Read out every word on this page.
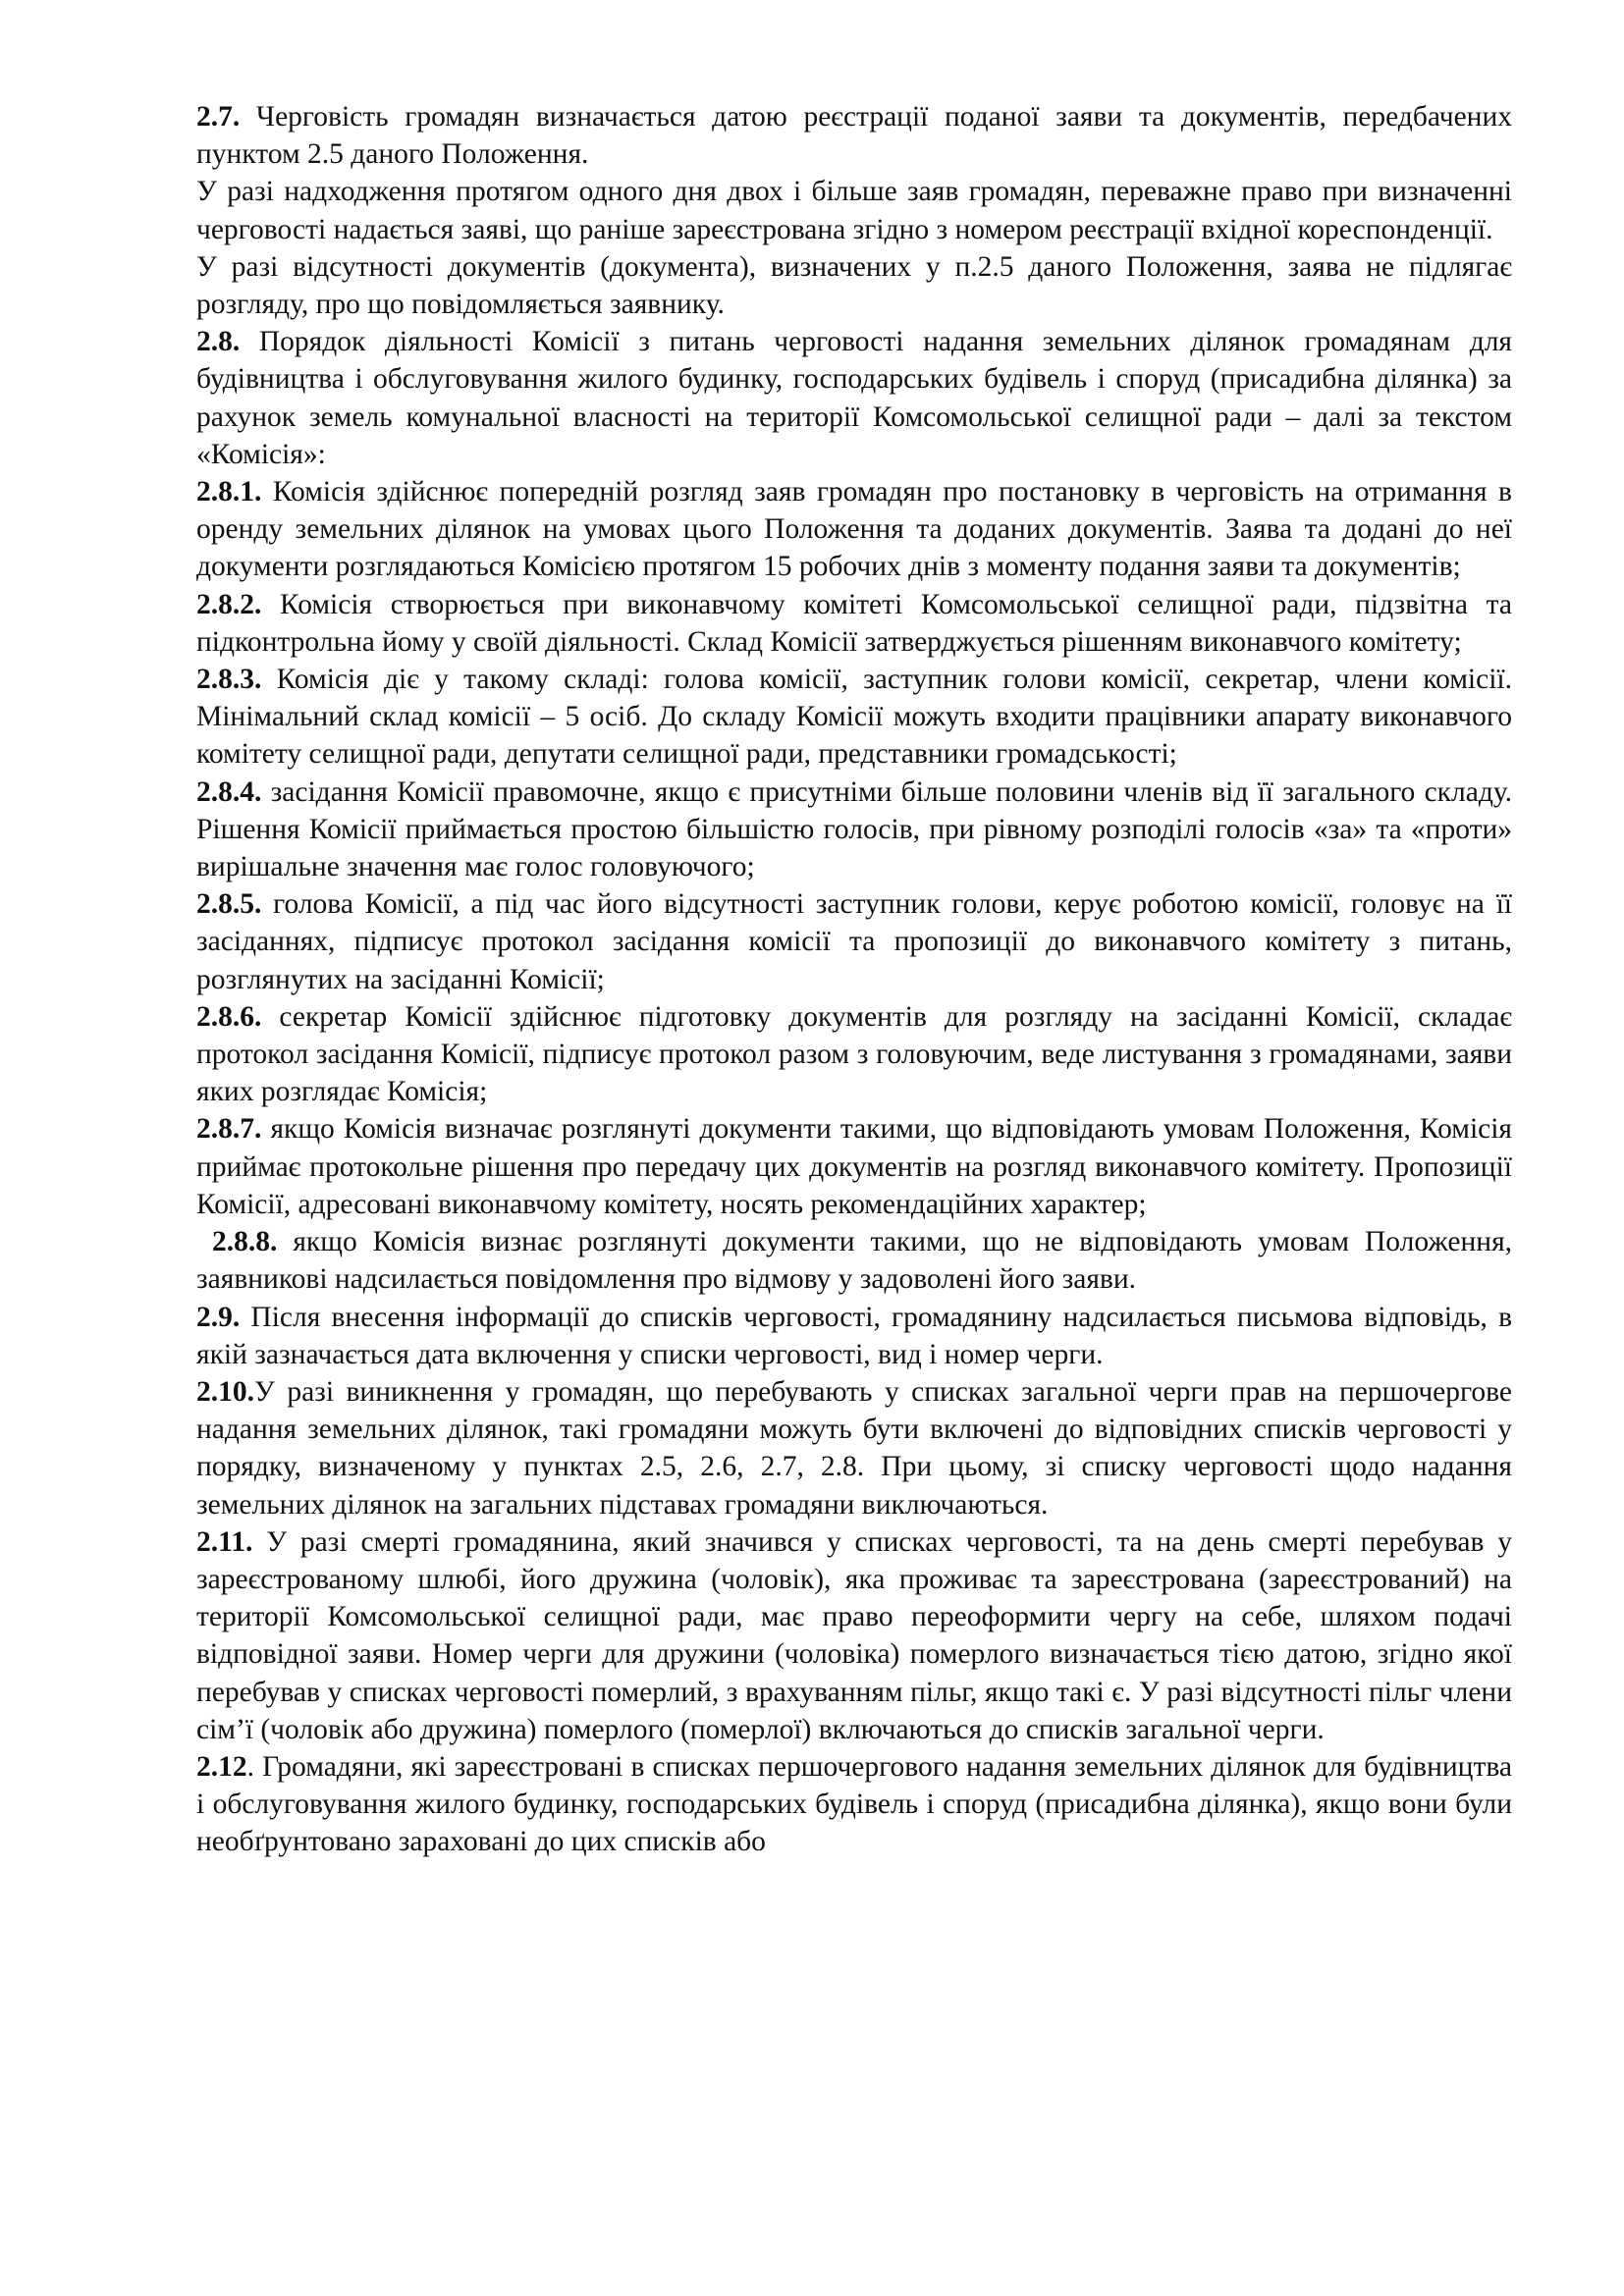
2.7. Черговість громадян визначається датою реєстрації поданої заяви та документів, передбачених пунктом 2.5 даного Положення.

У разі надходження протягом одного дня двох і більше заяв громадян, переважне право при визначенні черговості надається заяві, що раніше зареєстрована згідно з номером реєстрації вхідної кореспонденції.

У разі відсутності документів (документа), визначених у п.2.5 даного Положення, заява не підлягає розгляду, про що повідомляється заявнику.

2.8. Порядок діяльності Комісії з питань черговості надання земельних ділянок громадянам для будівництва і обслуговування жилого будинку, господарських будівель і споруд (присадибна ділянка) за рахунок земель комунальної власності на території Комсомольської селищної ради – далі за текстом «Комісія»:

2.8.1. Комісія здійснює попередній розгляд заяв громадян про постановку в черговість на отримання в оренду земельних ділянок на умовах цього Положення та доданих документів. Заява та додані до неї документи розглядаються Комісією протягом 15 робочих днів з моменту подання заяви та документів;

2.8.2. Комісія створюється при виконавчому комітеті Комсомольської селищної ради, підзвітна та підконтрольна йому у своїй діяльності. Склад Комісії затверджується рішенням виконавчого комітету;

2.8.3. Комісія діє у такому складі: голова комісії, заступник голови комісії, секретар, члени комісії. Мінімальний склад комісії – 5 осіб. До складу Комісії можуть входити працівники апарату виконавчого комітету селищної ради, депутати селищної ради, представники громадськості;

2.8.4. засідання Комісії правомочне, якщо є присутніми більше половини членів від її загального складу. Рішення Комісії приймається простою більшістю голосів, при рівному розподілі голосів «за» та «проти» вирішальне значення має голос головуючого;

2.8.5. голова Комісії, а під час його відсутності заступник голови, керує роботою комісії, головує на її засіданнях, підписує протокол засідання комісії та пропозиції до виконавчого комітету з питань, розглянутих на засіданні Комісії;

2.8.6. секретар Комісії здійснює підготовку документів для розгляду на засіданні Комісії, складає протокол засідання Комісії, підписує протокол разом з головуючим, веде листування з громадянами, заяви яких розглядає Комісія;

2.8.7. якщо Комісія визначає розглянуті документи такими, що відповідають умовам Положення, Комісія приймає протокольне рішення про передачу цих документів на розгляд виконавчого комітету. Пропозиції Комісії, адресовані виконавчому комітету, носять рекомендаційних характер;

2.8.8. якщо Комісія визнає розглянуті документи такими, що не відповідають умовам Положення, заявникові надсилається повідомлення про відмову у задоволені його заяви.

2.9. Після внесення інформації до списків черговості, громадянину надсилається письмова відповідь, в якій зазначається дата включення у списки черговості, вид і номер черги.

2.10.У разі виникнення у громадян, що перебувають у списках загальної черги прав на першочергове надання земельних ділянок, такі громадяни можуть бути включені до відповідних списків черговості у порядку, визначеному у пунктах 2.5, 2.6, 2.7, 2.8. При цьому, зі списку черговості щодо надання земельних ділянок на загальних підставах громадяни виключаються.

2.11. У разі смерті громадянина, який значився у списках черговості, та на день смерті перебував у зареєстрованому шлюбі, його дружина (чоловік), яка проживає та зареєстрована (зареєстрований) на території Комсомольської селищної ради, має право переоформити чергу на себе, шляхом подачі відповідної заяви. Номер черги для дружини (чоловіка) померлого визначається тією датою, згідно якої перебував у списках черговості померлий, з врахуванням пільг, якщо такі є. У разі відсутності пільг члени сім’ї (чоловік або дружина) померлого (померлої) включаються до списків загальної черги.

2.12. Громадяни, які зареєстровані в списках першочергового надання земельних ділянок для будівництва і обслуговування жилого будинку, господарських будівель і споруд (присадибна ділянка), якщо вони були необґрунтовано зараховані до цих списків або
